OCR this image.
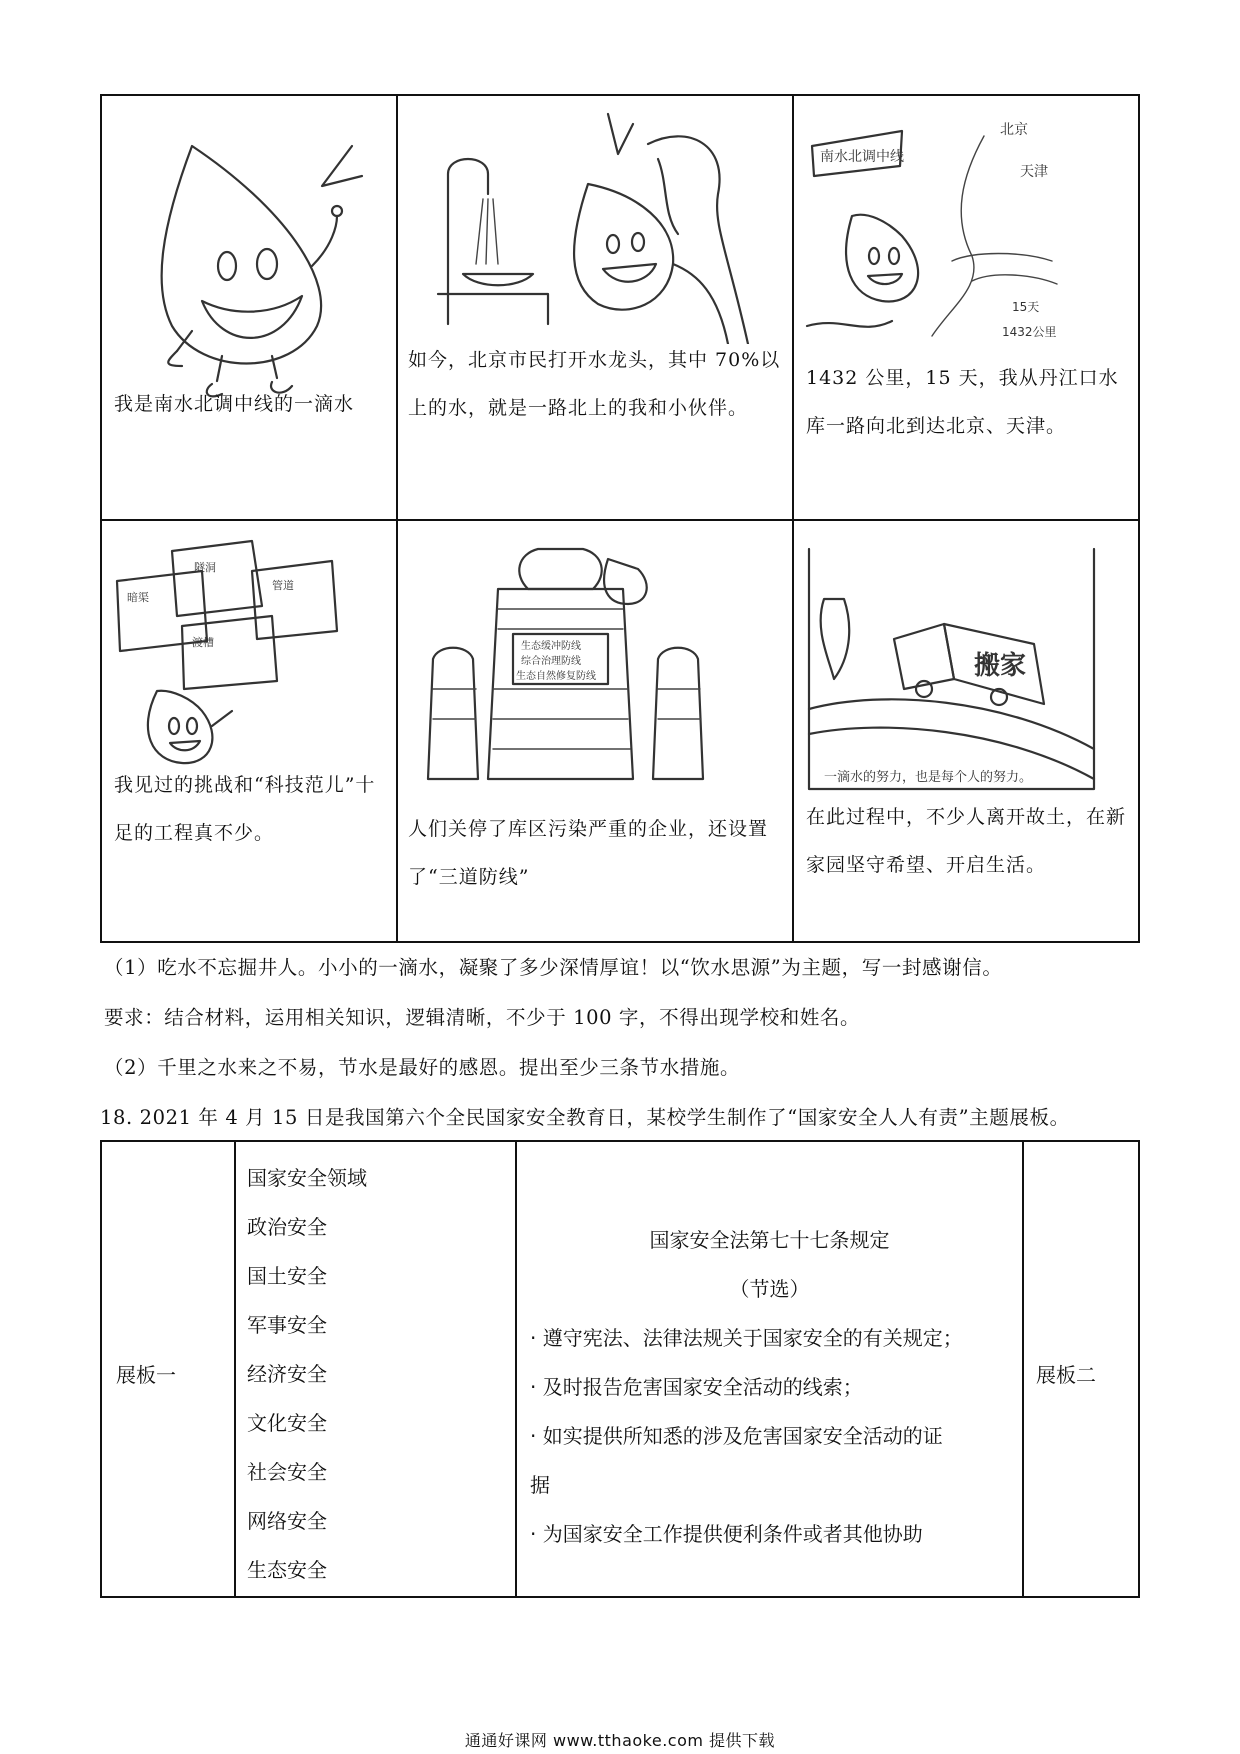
我是南水北调中线的一滴水
如今，北京市民打开水龙头，其中 70%以上的水，就是一路北上的我和小伙伴。
南水北调中线
北京
天津
15天
1432公里
1432 公里，15 天，我从丹江口水库一路向北到达北京、天津。
隧洞
暗渠
管道
渡槽
我见过的挑战和“科技范儿”十足的工程真不少。
生态缓冲防线
综合治理防线
生态自然修复防线
人们关停了库区污染严重的企业，还设置了“三道防线”
搬家
一滴水的努力，也是每个人的努力。
在此过程中，不少人离开故土，在新家园坚守希望、开启生活。
（1）吃水不忘掘井人。小小的一滴水，凝聚了多少深情厚谊！以“饮水思源”为主题，写一封感谢信。
要求：结合材料，运用相关知识，逻辑清晰，不少于 100 字，不得出现学校和姓名。
（2）千里之水来之不易，节水是最好的感恩。提出至少三条节水措施。
18. 2021 年 4 月 15 日是我国第六个全民国家安全教育日，某校学生制作了“国家安全人人有责”主题展板。
展板一	展板二
国家安全领域
政治安全
国土安全
军事安全
经济安全
文化安全
社会安全
网络安全
生态安全
国家安全法第七十七条规定
（节选）
· 遵守宪法、法律法规关于国家安全的有关规定；
· 及时报告危害国家安全活动的线索；
· 如实提供所知悉的涉及危害国家安全活动的证
据
· 为国家安全工作提供便利条件或者其他协助
通通好课网 www.tthaoke.com 提供下载
